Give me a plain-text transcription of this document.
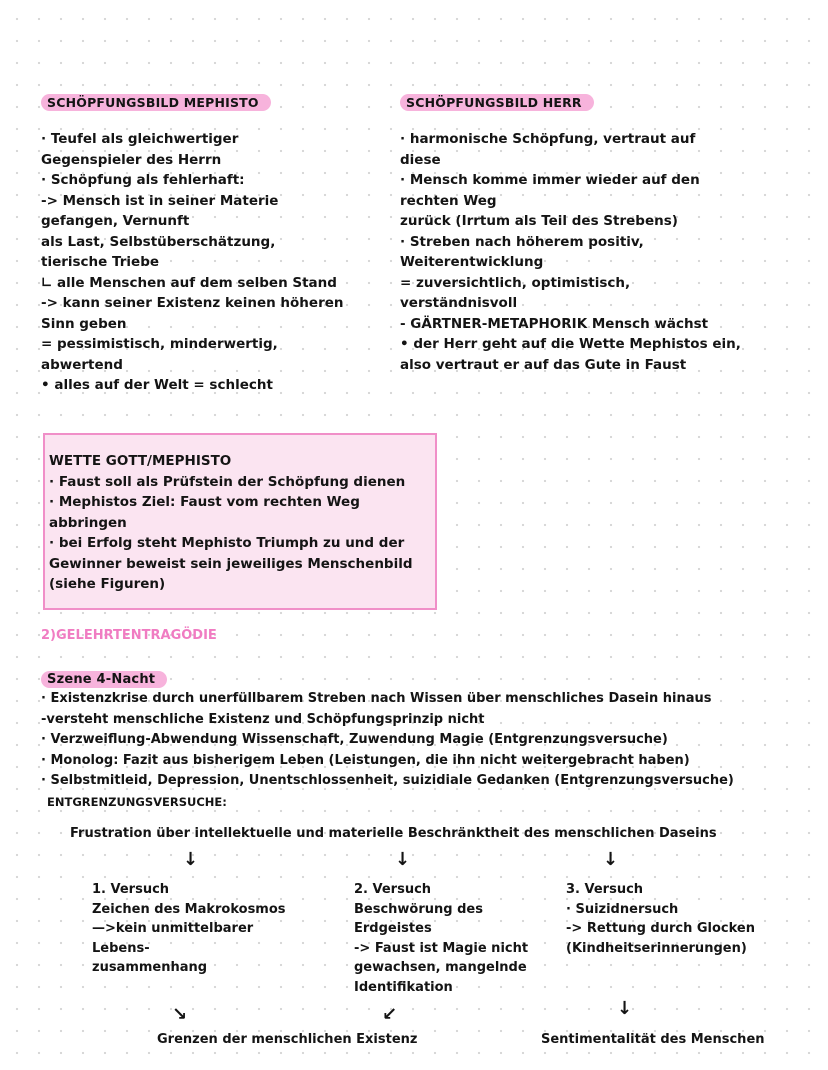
SCHÖPFUNGSBILD MEPHISTO
· Teufel als gleichwertiger
Gegenspieler des Herrn
· Schöpfung als fehlerhaft:
-> Mensch ist in seiner Materie
gefangen, Vernunft
als Last, Selbstüberschätzung,
tierische Triebe
∟ alle Menschen auf dem selben Stand
-> kann seiner Existenz keinen höheren
Sinn geben
= pessimistisch, minderwertig,
abwertend
• alles auf der Welt = schlecht
SCHÖPFUNGSBILD HERR
· harmonische Schöpfung, vertraut auf
diese
· Mensch komme immer wieder auf den
rechten Weg
zurück (Irrtum als Teil des Strebens)
· Streben nach höherem positiv,
Weiterentwicklung
= zuversichtlich, optimistisch,
verständnisvoll
- GÄRTNER-METAPHORIK Mensch wächst
• der Herr geht auf die Wette Mephistos ein,
also vertraut er auf das Gute in Faust
WETTE GOTT/MEPHISTO
· Faust soll als Prüfstein der Schöpfung dienen
· Mephistos Ziel: Faust vom rechten Weg
abbringen
· bei Erfolg steht Mephisto Triumph zu und der
Gewinner beweist sein jeweiliges Menschenbild
(siehe Figuren)
2)GELEHRTENTRAGÖDIE
Szene 4-Nacht
· Existenzkrise durch unerfüllbarem Streben nach Wissen über menschliches Dasein hinaus
-versteht menschliche Existenz und Schöpfungsprinzip nicht
· Verzweiflung-Abwendung Wissenschaft, Zuwendung Magie (Entgrenzungsversuche)
· Monolog: Fazit aus bisherigem Leben (Leistungen, die ihn nicht weitergebracht haben)
· Selbstmitleid, Depression, Unentschlossenheit, suizidiale Gedanken (Entgrenzungsversuche)
ENTGRENZUNGSVERSUCHE:
Frustration über intellektuelle und materielle Beschränktheit des menschlichen Daseins
↓	↓	↓
1. Versuch
Zeichen des Makrokosmos
—>kein unmittelbarer
Lebens-
zusammenhang
2. Versuch
Beschwörung des
Erdgeistes
-> Faust ist Magie nicht
gewachsen, mangelnde
Identifikation
3. Versuch
· Suizidnersuch
-> Rettung durch Glocken
(Kindheitserinnerungen)
↘	↙	↓
Grenzen der menschlichen Existenz	Sentimentalität des Menschen
